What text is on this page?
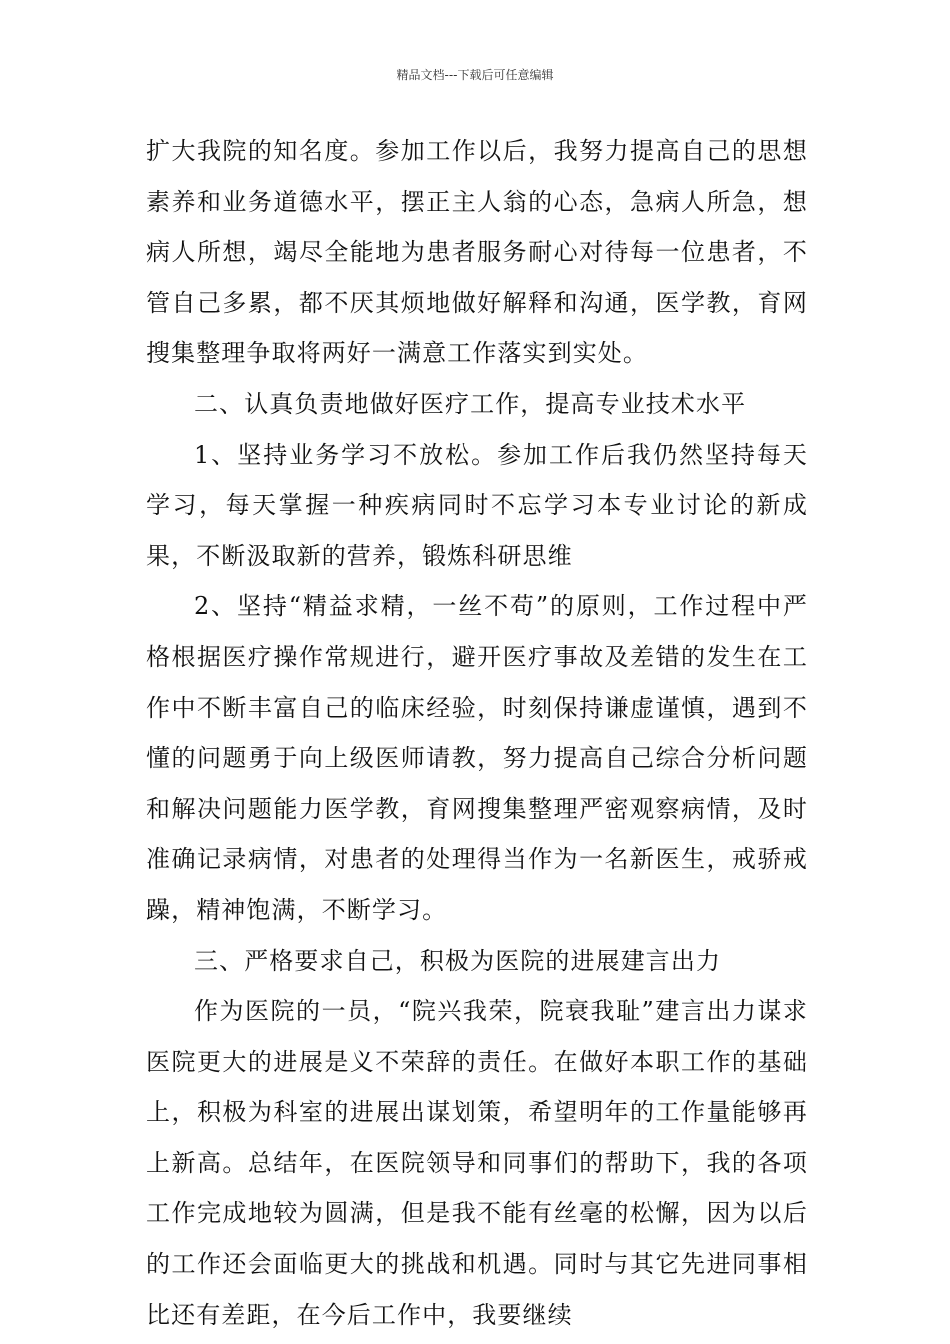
精品文档---下载后可任意编辑

扩大我院的知名度。参加工作以后，我努力提高自己的思想素养和业务道德水平，摆正主人翁的心态，急病人所急，想病人所想，竭尽全能地为患者服务耐心对待每一位患者，不管自己多累，都不厌其烦地做好解释和沟通，医学教，育网搜集整理争取将两好一满意工作落实到实处。

二、认真负责地做好医疗工作，提高专业技术水平

1、坚持业务学习不放松。参加工作后我仍然坚持每天学习，每天掌握一种疾病同时不忘学习本专业讨论的新成果，不断汲取新的营养，锻炼科研思维

2、坚持“精益求精，一丝不苟”的原则，工作过程中严格根据医疗操作常规进行，避开医疗事故及差错的发生在工作中不断丰富自己的临床经验，时刻保持谦虚谨慎，遇到不懂的问题勇于向上级医师请教，努力提高自己综合分析问题和解决问题能力医学教，育网搜集整理严密观察病情，及时准确记录病情，对患者的处理得当作为一名新医生，戒骄戒躁，精神饱满，不断学习。

三、严格要求自己，积极为医院的进展建言出力

作为医院的一员，“院兴我荣，院衰我耻”建言出力谋求医院更大的进展是义不荣辞的责任。在做好本职工作的基础上，积极为科室的进展出谋划策，希望明年的工作量能够再上新高。总结年，在医院领导和同事们的帮助下，我的各项工作完成地较为圆满，但是我不能有丝毫的松懈，因为以后的工作还会面临更大的挑战和机遇。同时与其它先进同事相比还有差距，在今后工作中，我要继续
